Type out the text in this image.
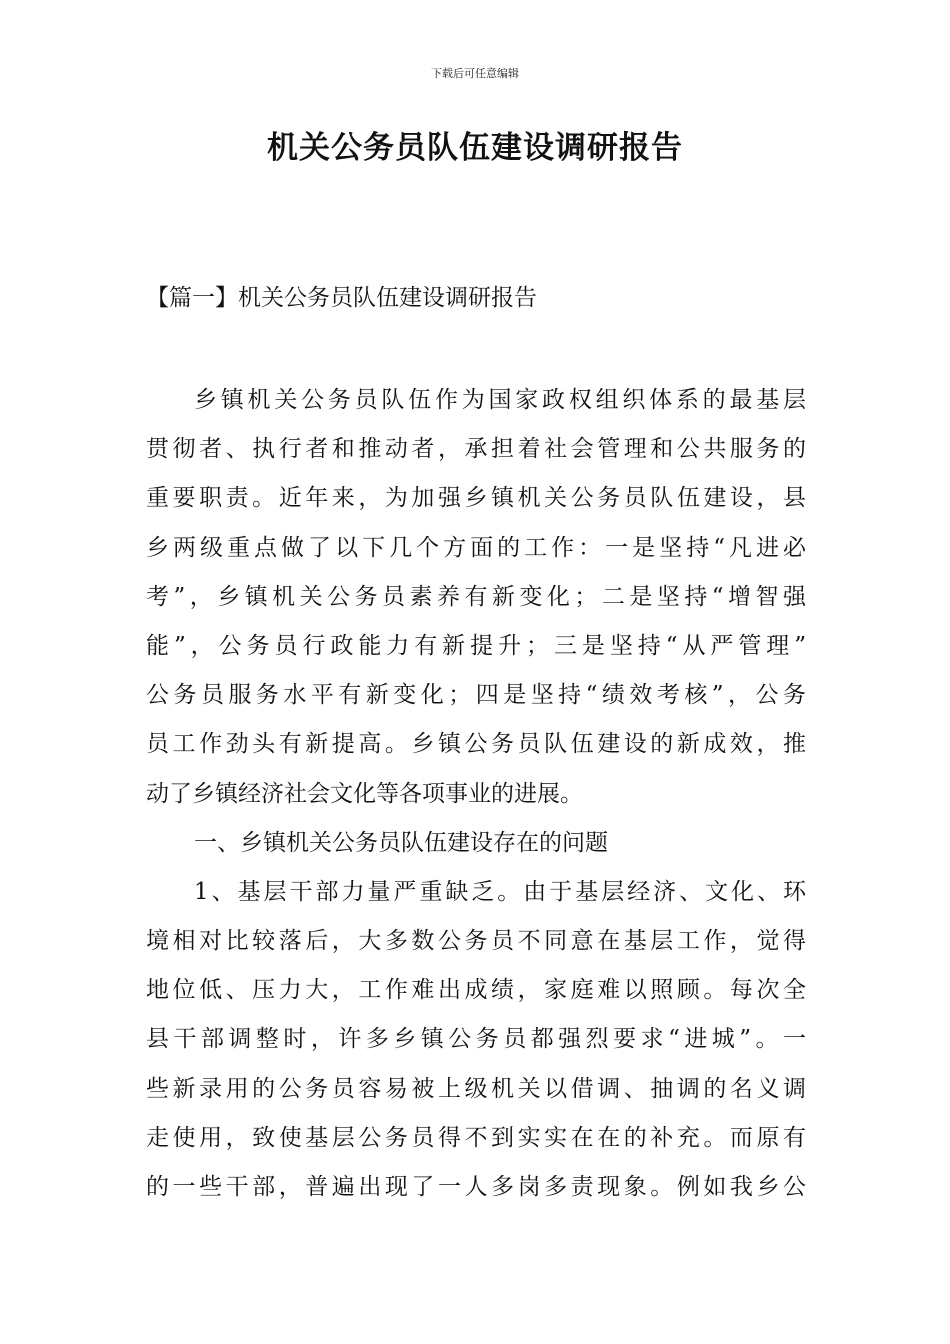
下载后可任意编辑
机关公务员队伍建设调研报告
【篇一】机关公务员队伍建设调研报告
乡镇机关公务员队伍作为国家政权组织体系的最基层
贯彻者、执行者和推动者，承担着社会管理和公共服务的
重要职责。近年来，为加强乡镇机关公务员队伍建设，县
乡两级重点做了以下几个方面的工作：一是坚持“凡进必
考”，乡镇机关公务员素养有新变化；二是坚持“增智强
能”，公务员行政能力有新提升；三是坚持“从严管理”
公务员服务水平有新变化；四是坚持“绩效考核”，公务
员工作劲头有新提高。乡镇公务员队伍建设的新成效，推
动了乡镇经济社会文化等各项事业的进展。
一、乡镇机关公务员队伍建设存在的问题
1、基层干部力量严重缺乏。由于基层经济、文化、环
境相对比较落后，大多数公务员不同意在基层工作，觉得
地位低、压力大，工作难出成绩，家庭难以照顾。每次全
县干部调整时，许多乡镇公务员都强烈要求“进城”。一
些新录用的公务员容易被上级机关以借调、抽调的名义调
走使用，致使基层公务员得不到实实在在的补充。而原有
的一些干部，普遍出现了一人多岗多责现象。例如我乡公
